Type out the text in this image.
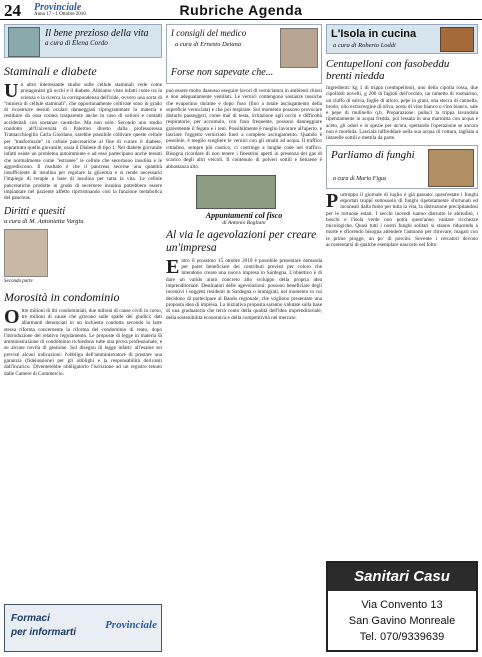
24 Provinciale
Anno 17 - 1 Ottobre 2010	Rubriche Agenda
Il bene prezioso della vita
a cura di Elena Cordo
Staminali e diabete
U n altro interessante studio sulle cellule staminali vede come protagonisti gli occhi e il diabete. Abbiamo visto infatti come tra la scienza e la ricerca la corrispondenza dell'iride, ovvero una sorta di "miniera di cellule staminali", che opportunamente coltivate sono in grado di ricostruire tessuti oculari danneggiati riprogrammate la materia e restituire da ossa cornea trasparente anche in caso di ustioni e contatti accidentali con sostanze caustiche. Ma non solo. Secondo uno studio condotto all'Università di Palermo diretto dalla professoressa Tramacchiogilia Carla Giordano, sarebbe possibile coltivare queste cellule per "trasformarle" in cellule pancreatiche al fine di curare il diabete, soprattutto quello giovanile, ossia il Diabete di tipo 1. Nel diabete giovanile infatti esiste un problema autoimmune e ad esso partecipano anche tessuti che normalmente come "estranee" le cellule che secernono insulina e le aggrediscono. Il risultato è che il pancreas secerne una quantità insufficiente di insulina per regolare la glicemia e si rende necessario l'impiego di terapie a base di insulina per tutta la vita. Le cellule pancreatiche prodotte in grado di secernere insulina potrebbero essere impiantate nel paziente affetto riprristinando così la funzione metabolica del pancreas.
Diritti e quesiti
a cura di M. Antonietta Vargiu
Seconda parte
Morosità in condominio
O ltre milioni di liti condominiali, due milioni di cause civili in corso, tre milioni di cause che gravano sulle spalle dei giudici; dati allarmanti denunciati in un inchiesta condotta secondo la larte stessa riforma concernente la riforma del condominio di reato, dopo l'introduzione del relativo regolamento. Le proposte di legge in materia di amministrazione di condominio richiedono tutte una prova professionale, e su alcune novità di gestione. Sul disegno di legge infatti: all'esame sei previsti alcuni indicazioni: l'obbligo dell'amministratore di prestare una garanzia (fideiussione) per gli obblighi e la responsabilità derivanti dall'incarico. Diventerebbe obbligatorio l'iscrizione ad un registro tenuto dalle Camere di Commercio.
Formaci
per informarti
Provinciale
I consigli del medico
a cura di Ernesto Deiana
Forse non sapevate che...
può essere molto dannoso eseguire lavori di verniciatura in ambienti chiusi e non adeguatamente ventilati. Le vernici contengono sostanze tossiche che evaporano durante e dopo l'uso (fino a totale asciugamento della superficie verniciata) e che poi respirate. Sul momento possono provocare disturbi passeggeri, come mal di testa, irritazione agli occhi e difficoltà respiratorie, per accumulo, con l'uso frequente, possono danneggiare gravemente il fegato e i reni. Possibilmente è meglio lavorare all'aperto, e lasciare l'oggetto verniciato fuori a completo asciugamento. Quando è possibile, è meglio scegliere le vernici con gli smalti ad acqua. Il traffico cittadino, sempre più caotico, ci costringe a lunghe code nel traffico. Bisogna ricordare di non tenere i finestrini aperti in presenza del gas di scarico degli altri veicoli. Il contenuto di polveri sottili e benzene è abbastanza alto.
Appuntamenti col fisco
di Antonio Bogliani
Al via le agevolazioni per creare un'impresa
E ntro il prossimo 15 ottobre 2010 è possibile presentare domanda per poter beneficiare dei contributi previsti per coloro che intendono creare una nuova impresa in Sardegna. L'obiettivo è di dare un valido aiuto concreto allo sviluppo della propria idea imprenditoriale. Destinatari delle agevolazioni: possono beneficiare degli incentivi i soggetti residenti in Sardegna o immigrati, nel momento in cui decidono di partecipare al Bando regionale, che vogliono presentare una proposta idea di impresa. La iniziativa proposta saranno valutate sulla base di una graduatoria che terrà conto della qualità dell'idea imprenditoriale, della sostenibilità economica e della competitività nel mercato.
L'Isola in cucina
a cura di Roberto Loddi
Centupelloni con fasobeddu brenti niedda
Ingredienti: kg 1 di trippa (centupelloni), uno della cipolla rossa, due cipollotti novelli, g 200 di fagioli dell'occhio, un rametto di rosmarino, un ciuffo di salvia, foglie di alloro, pepe in grani, una stecca di cannella, brodo, olio extravergine di oliva, aceto di vino bianco o vino bianco, sale e pepe di mulinello q.b. Preparazione: pulisci la trippa lavandola ripetutamente in acqua fredda, poi lessala in una marmitta con acqua e aceto, gli odori e lo spezie per un'ora, spettando l'operazione se ancora non è morbida. Lasciala raffreddare nella sua acqua di cottura, tagliala a listarelle sottili e mettila da parte.
Parliamo di funghi
a cura di Mario Figus
P urtroppo il giornale di luglio è già passato: quest'estate i funghi esportati troppi sottosuolo di funghi ripetutamente sfortunati ed incuneati dalla fumo per tutta la vita, la distruzione precipitandosi per le tortuose estati. I secchi incendi hanno distrutto le abitudini, i boschi e l'isola verde non potrà quest'anno vantare ricchezze micologiche. Quasi tutti i nostri funghi solitari si stanno riducendo a morte e sfiorendo bisogna attendere l'autunno per ritrovare, magari con le prime piogge, un po' di porcini. Sovente i cercatori devono accontentarsi di qualche esemplare nascosto nel folto.
Sanitari Casu
Via Convento 13
San Gavino Monreale
Tel. 070/9339639
